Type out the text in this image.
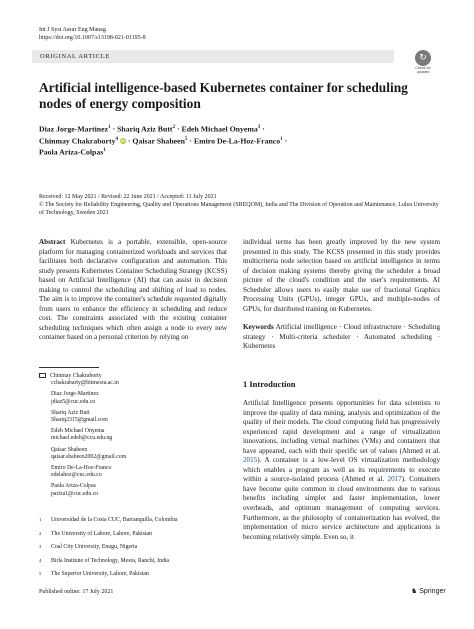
Int J Syst Assur Eng Manag
https://doi.org/10.1007/s13198-021-01195-8
ORIGINAL ARTICLE	↻
Check for
updates
Artificial intelligence-based Kubernetes container for scheduling nodes of energy composition
Diaz Jorge-Martinez$^1$ · Shariq Aziz Butt$^2$ · Edeh Michael Onyema$^3$ ·
Chinmay Chakraborty$^4$ iD · Qaisar Shaheen$^5$ · Emiro De-La-Hoz-Franco$^1$ ·
Paola Ariza-Colpas$^1$
Received: 12 May 2021 / Revised: 22 June 2021 / Accepted: 11 July 2021
© The Society for Reliability Engineering, Quality and Operations Management (SREQOM), India and The Division of Operation and Maintenance, Lulea University of Technology, Sweden 2021
Abstract Kubernetes is a portable, extensible, open-source platform for managing containerized workloads and services that facilitates both declarative configuration and automation. This study presents Kubernetes Container Scheduling Strategy (KCSS) based on Artificial Intelligence (AI) that can assist in decision making to control the scheduling and shifting of load to nodes. The aim is to improve the container's schedule requested digitally from users to enhance the efficiency in scheduling and reduce cost. The constraints associated with the existing container scheduling techniques which often assign a node to every new container based on a personal criterion by relying on
individual terms has been greatly improved by the new system presented in this study. The KCSS presented in this study provides multicriteria node selection based on artificial intelligence in terms of decision making systems thereby giving the scheduler a broad picture of the cloud's condition and the user's requirements. AI Scheduler allows users to easily make use of fractional Graphics Processing Units (GPUs), integer GPUs, and multiple-nodes of GPUs, for distributed training on Kubernetes.
Keywords Artificial intelligence · Cloud infrastructure · Scheduling strategy · Multi-criteria scheduler · Automated scheduling · Kubernetes
Chinmay Chakraborty
cchakrabarty@bitmesra.ac.in
Diaz Jorge-Martinez
jdiaz5@cuc.edu.co
Shariq Aziz Butt
Shariq2315@gmail.com
Edeh Michael Onyema
michael.edeh@ccu.edu.ng
Qaisar Shaheen
qaisar.shaheen2002@gmail.com
Emiro De-La-Hoz-Franco
edelahoz@cuc.edu.co
Paola Ariza-Colpas
pariza1@cuc.edu.co
1 Universidad de la Costa CUC, Barranquilla, Colombia
2 The University of Lahore, Lahore, Pakistan
3 Coal City University, Enugu, Nigeria
4 Birla Institute of Technology, Mesra, Ranchi, India
5 The Superior University, Lahore, Pakistan
1 Introduction
Artificial Intelligence presents opportunities for data scientists to improve the quality of data mining, analysis and optimization of the quality of their models. The cloud computing field has progressively experienced rapid development and a range of virtualization innovations, including virtual machines (VMs) and containers that have appeared, each with their specific set of values (Ahmed et al. 2015). A container is a low-level OS virtualization methodology which enables a program as well as its requirements to execute within a source-isolated process (Ahmed et al. 2017). Containers have become quite common in cloud environments due to various benefits including simpler and faster implementation, lower overheads, and optimum management of computing services. Furthermore, as the philosophy of containerization has evolved, the implementation of micro service architecture and applications is becoming relatively simple. Even so, it
Published online: 17 July 2021	♞ Springer
